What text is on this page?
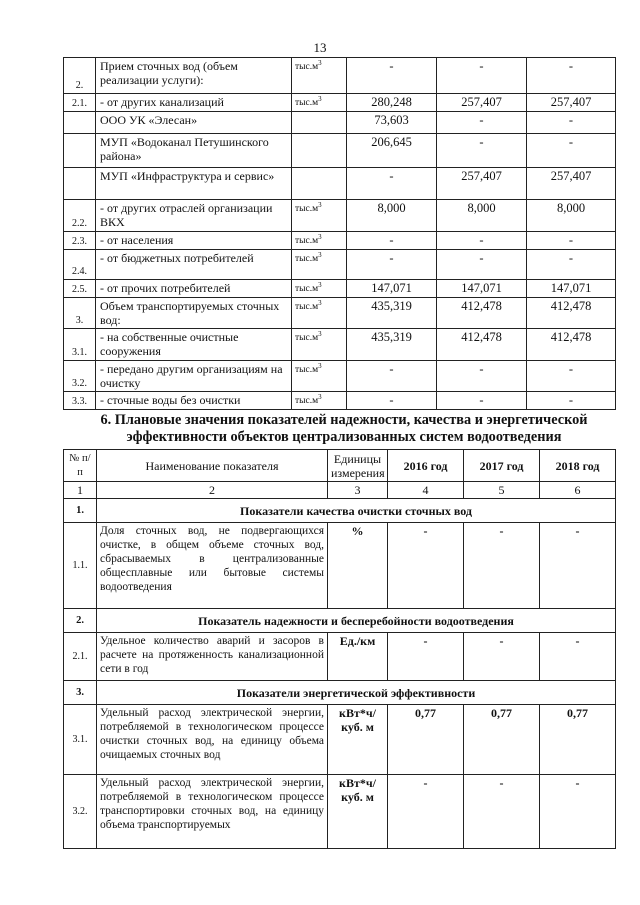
13
2.	Прием сточных вод (объем реализации услуги):	$тыс.м^3$	-	-	-
2.1.	- от других канализаций	$тыс.м^3$	280,248	257,407	257,407
	ООО УК «Элесан»		73,603	-	-
	МУП «Водоканал Петушинского района»		206,645	-	-
	МУП «Инфраструктура и сервис»		-	257,407	257,407
2.2.	- от других отраслей организации ВКХ	$тыс.м^3$	8,000	8,000	8,000
2.3.	- от населения	$тыс.м^3$	-	-	-
2.4.	- от бюджетных потребителей	$тыс.м^3$	-	-	-
2.5.	- от прочих потребителей	$тыс.м^3$	147,071	147,071	147,071
3.	Объем транспортируемых сточных вод:	$тыс.м^3$	435,319	412,478	412,478
3.1.	- на собственные очистные сооружения	$тыс.м^3$	435,319	412,478	412,478
3.2.	- передано другим организациям на очистку	$тыс.м^3$	-	-	-
3.3.	- сточные воды без очистки	$тыс.м^3$	-	-	-
6. Плановые значения показателей надежности, качества и энергетической эффективности объектов централизованных систем водоотведения
№ п/п	Наименование показателя	Единицы измерения	2016 год	2017 год	2018 год
1	2	3	4	5	6
1.	Показатели качества очистки сточных вод				
1.1.	Доля сточных вод, не подвергающихся очистке, в общем объеме сточных вод, сбрасываемых в централизованные общесплавные или бытовые системы водоотведения	%	-	-	-
2.	Показатель надежности и бесперебойности водоотведения				
2.1.	Удельное количество аварий и засоров в расчете на протяженность канализационной сети в год	Ед./км	-	-	-
3.	Показатели энергетической эффективности				
3.1.	Удельный расход электрической энергии, потребляемой в технологическом процессе очистки сточных вод, на единицу объема очищаемых сточных вод	кВт*ч/куб. м	0,77	0,77	0,77
3.2.	Удельный расход электрической энергии, потребляемой в технологическом процессе транспортировки сточных вод, на единицу объема транспортируемых	кВт*ч/куб. м	-	-	-
